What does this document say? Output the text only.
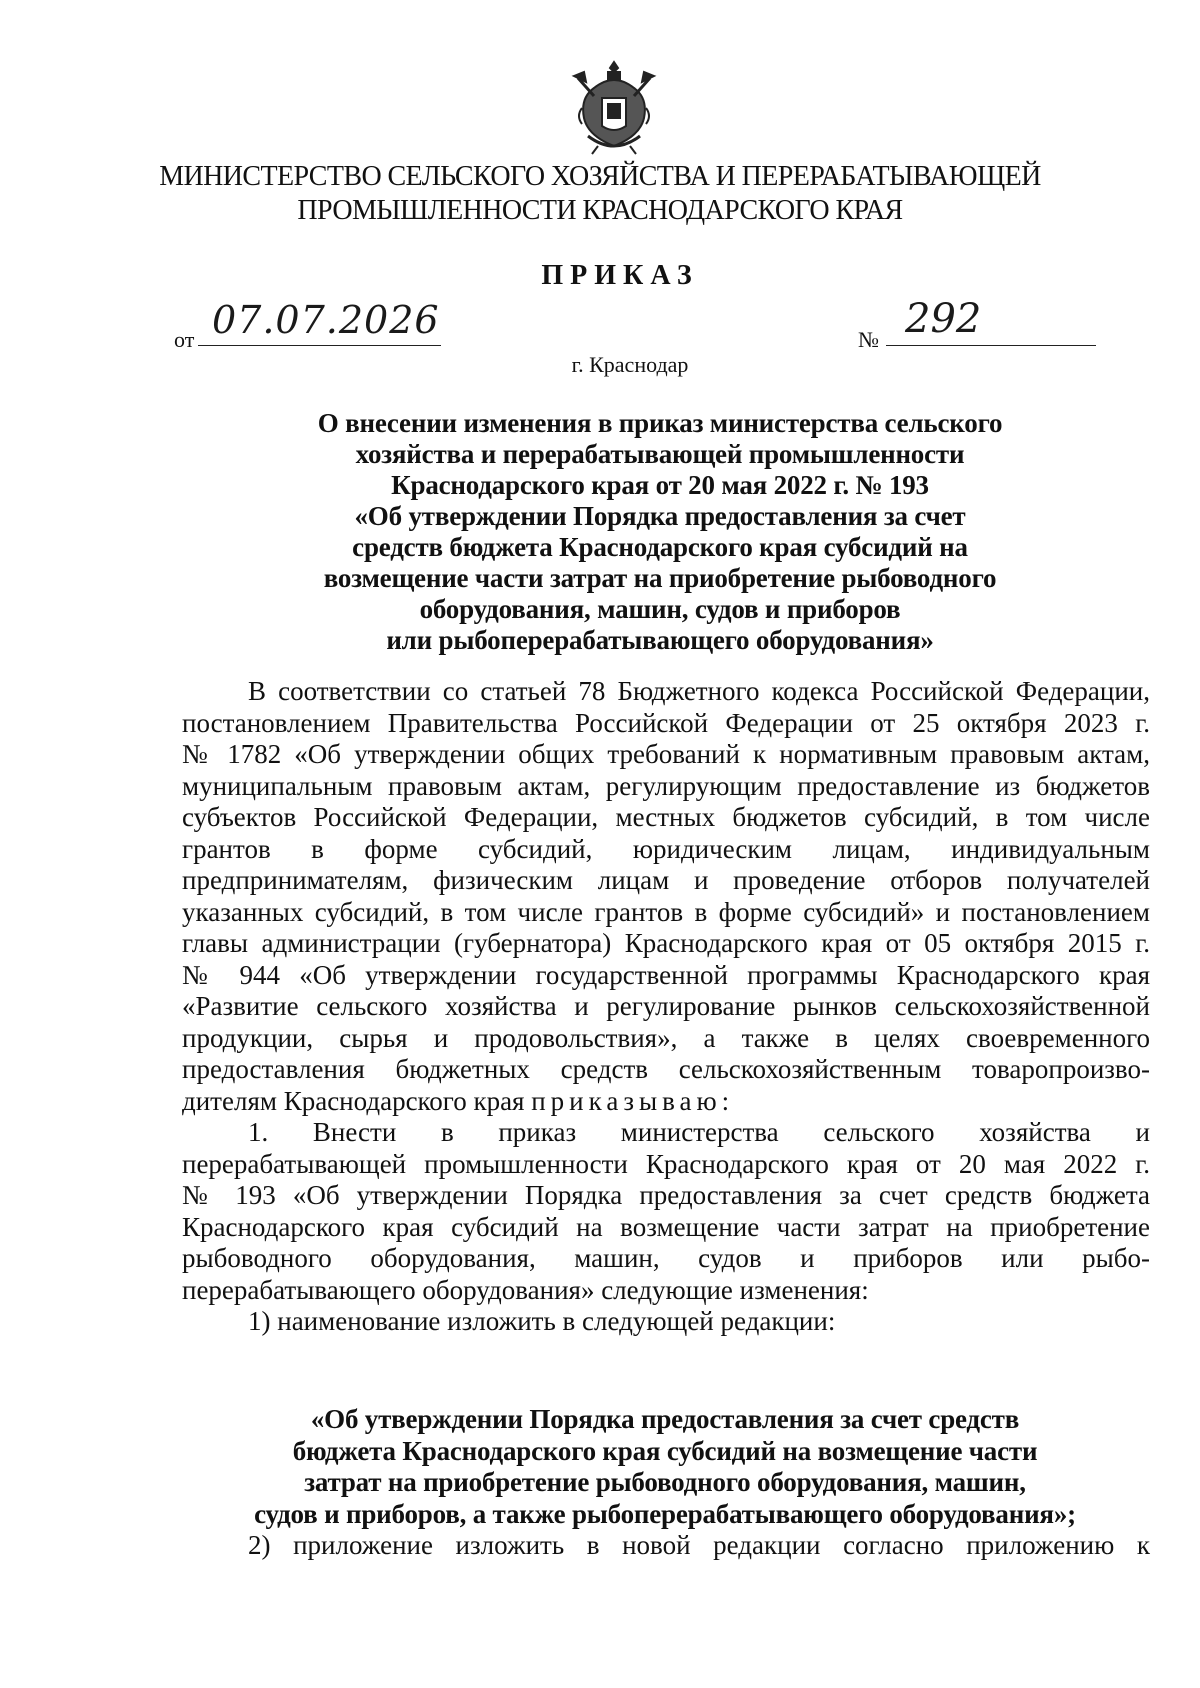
МИНИСТЕРСТВО СЕЛЬСКОГО ХОЗЯЙСТВА И ПЕРЕРАБАТЫВАЮЩЕЙ
ПРОМЫШЛЕННОСТИ КРАСНОДАРСКОГО КРАЯ
ПРИКАЗ
от 07.07.2026	№ 292
г. Краснодар
О внесении изменения в приказ министерства сельского
хозяйства и перерабатывающей промышленности
Краснодарского края от 20 мая 2022 г. № 193
«Об утверждении Порядка предоставления за счет
средств бюджета Краснодарского края субсидий на
возмещение части затрат на приобретение рыбоводного
оборудования, машин, судов и приборов
или рыбоперерабатывающего оборудования»
В соответствии со статьей 78 Бюджетного кодекса Российской Федерации,
постановлением Правительства Российской Федерации от 25 октября 2023 г.
№ 1782 «Об утверждении общих требований к нормативным правовым актам,
муниципальным правовым актам, регулирующим предоставление из бюджетов
субъектов Российской Федерации, местных бюджетов субсидий, в том числе
грантов в форме субсидий, юридическим лицам, индивидуальным
предпринимателям, физическим лицам и проведение отборов получателей
указанных субсидий, в том числе грантов в форме субсидий» и постановлением
главы администрации (губернатора) Краснодарского края от 05 октября 2015 г.
№ 944 «Об утверждении государственной программы Краснодарского края
«Развитие сельского хозяйства и регулирование рынков сельскохозяйственной
продукции, сырья и продовольствия», а также в целях своевременного
предоставления бюджетных средств сельскохозяйственным товаропроизво-
дителям Краснодарского края приказываю:
1. Внести в приказ министерства сельского хозяйства и
перерабатывающей промышленности Краснодарского края от 20 мая 2022 г.
№ 193 «Об утверждении Порядка предоставления за счет средств бюджета
Краснодарского края субсидий на возмещение части затрат на приобретение
рыбоводного оборудования, машин, судов и приборов или рыбо-
перерабатывающего оборудования» следующие изменения:
1) наименование изложить в следующей редакции:
«Об утверждении Порядка предоставления за счет средств
бюджета Краснодарского края субсидий на возмещение части
затрат на приобретение рыбоводного оборудования, машин,
судов и приборов, а также рыбоперерабатывающего оборудования»;
2) приложение изложить в новой редакции согласно приложению к
